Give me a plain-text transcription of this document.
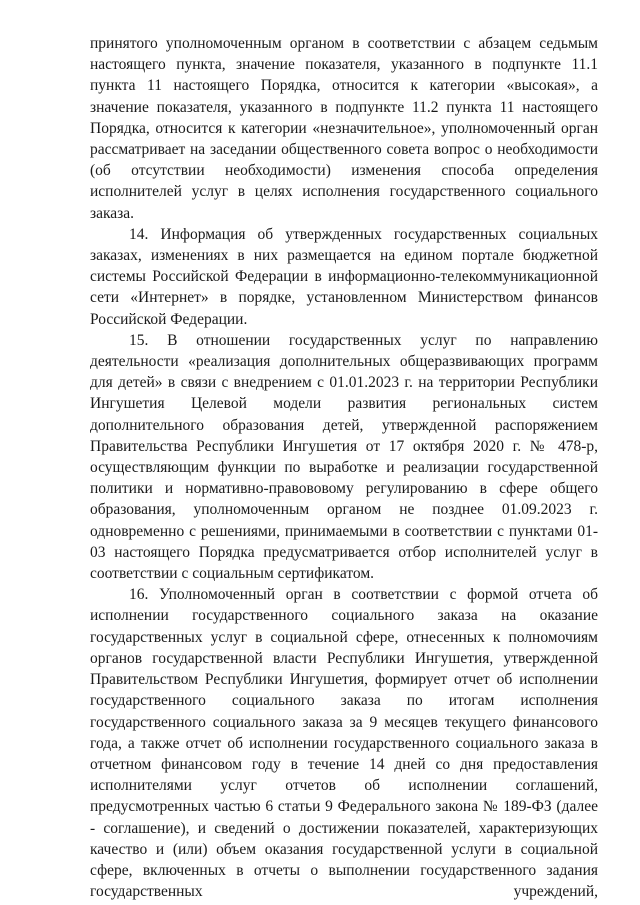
принятого уполномоченным органом в соответствии с абзацем седьмым настоящего пункта, значение показателя, указанного в подпункте 11.1 пункта 11 настоящего Порядка, относится к категории «высокая», а значение показателя, указанного в подпункте 11.2 пункта 11 настоящего Порядка, относится к категории «незначительное», уполномоченный орган рассматривает на заседании общественного совета вопрос о необходимости (об отсутствии необходимости) изменения способа определения исполнителей услуг в целях исполнения государственного социального заказа.

14. Информация об утвержденных государственных социальных заказах, изменениях в них размещается на едином портале бюджетной системы Российской Федерации в информационно-телекоммуникационной сети «Интернет» в порядке, установленном Министерством финансов Российской Федерации.

15. В отношении государственных услуг по направлению деятельности «реализация дополнительных общеразвивающих программ для детей» в связи с внедрением с 01.01.2023 г. на территории Республики Ингушетия Целевой модели развития региональных систем дополнительного образования детей, утвержденной распоряжением Правительства Республики Ингушетия от 17 октября 2020 г. № 478-р, осуществляющим функции по выработке и реализации государственной политики и нормативно-правововому регулированию в сфере общего образования, уполномоченным органом не позднее 01.09.2023 г. одновременно с решениями, принимаемыми в соответствии с пунктами 01-03 настоящего Порядка предусматривается отбор исполнителей услуг в соответствии с социальным сертификатом.

16. Уполномоченный орган в соответствии с формой отчета об исполнении государственного социального заказа на оказание государственных услуг в социальной сфере, отнесенных к полномочиям органов государственной власти Республики Ингушетия, утвержденной Правительством Республики Ингушетия, формирует отчет об исполнении государственного социального заказа по итогам исполнения государственного социального заказа за 9 месяцев текущего финансового года, а также отчет об исполнении государственного социального заказа в отчетном финансовом году в течение 14 дней со дня предоставления исполнителями услуг отчетов об исполнении соглашений, предусмотренных частью 6 статьи 9 Федерального закона № 189-ФЗ (далее - соглашение), и сведений о достижении показателей, характеризующих качество и (или) объем оказания государственной услуги в социальной сфере, включенных в отчеты о выполнении государственного задания государственных учреждений,
